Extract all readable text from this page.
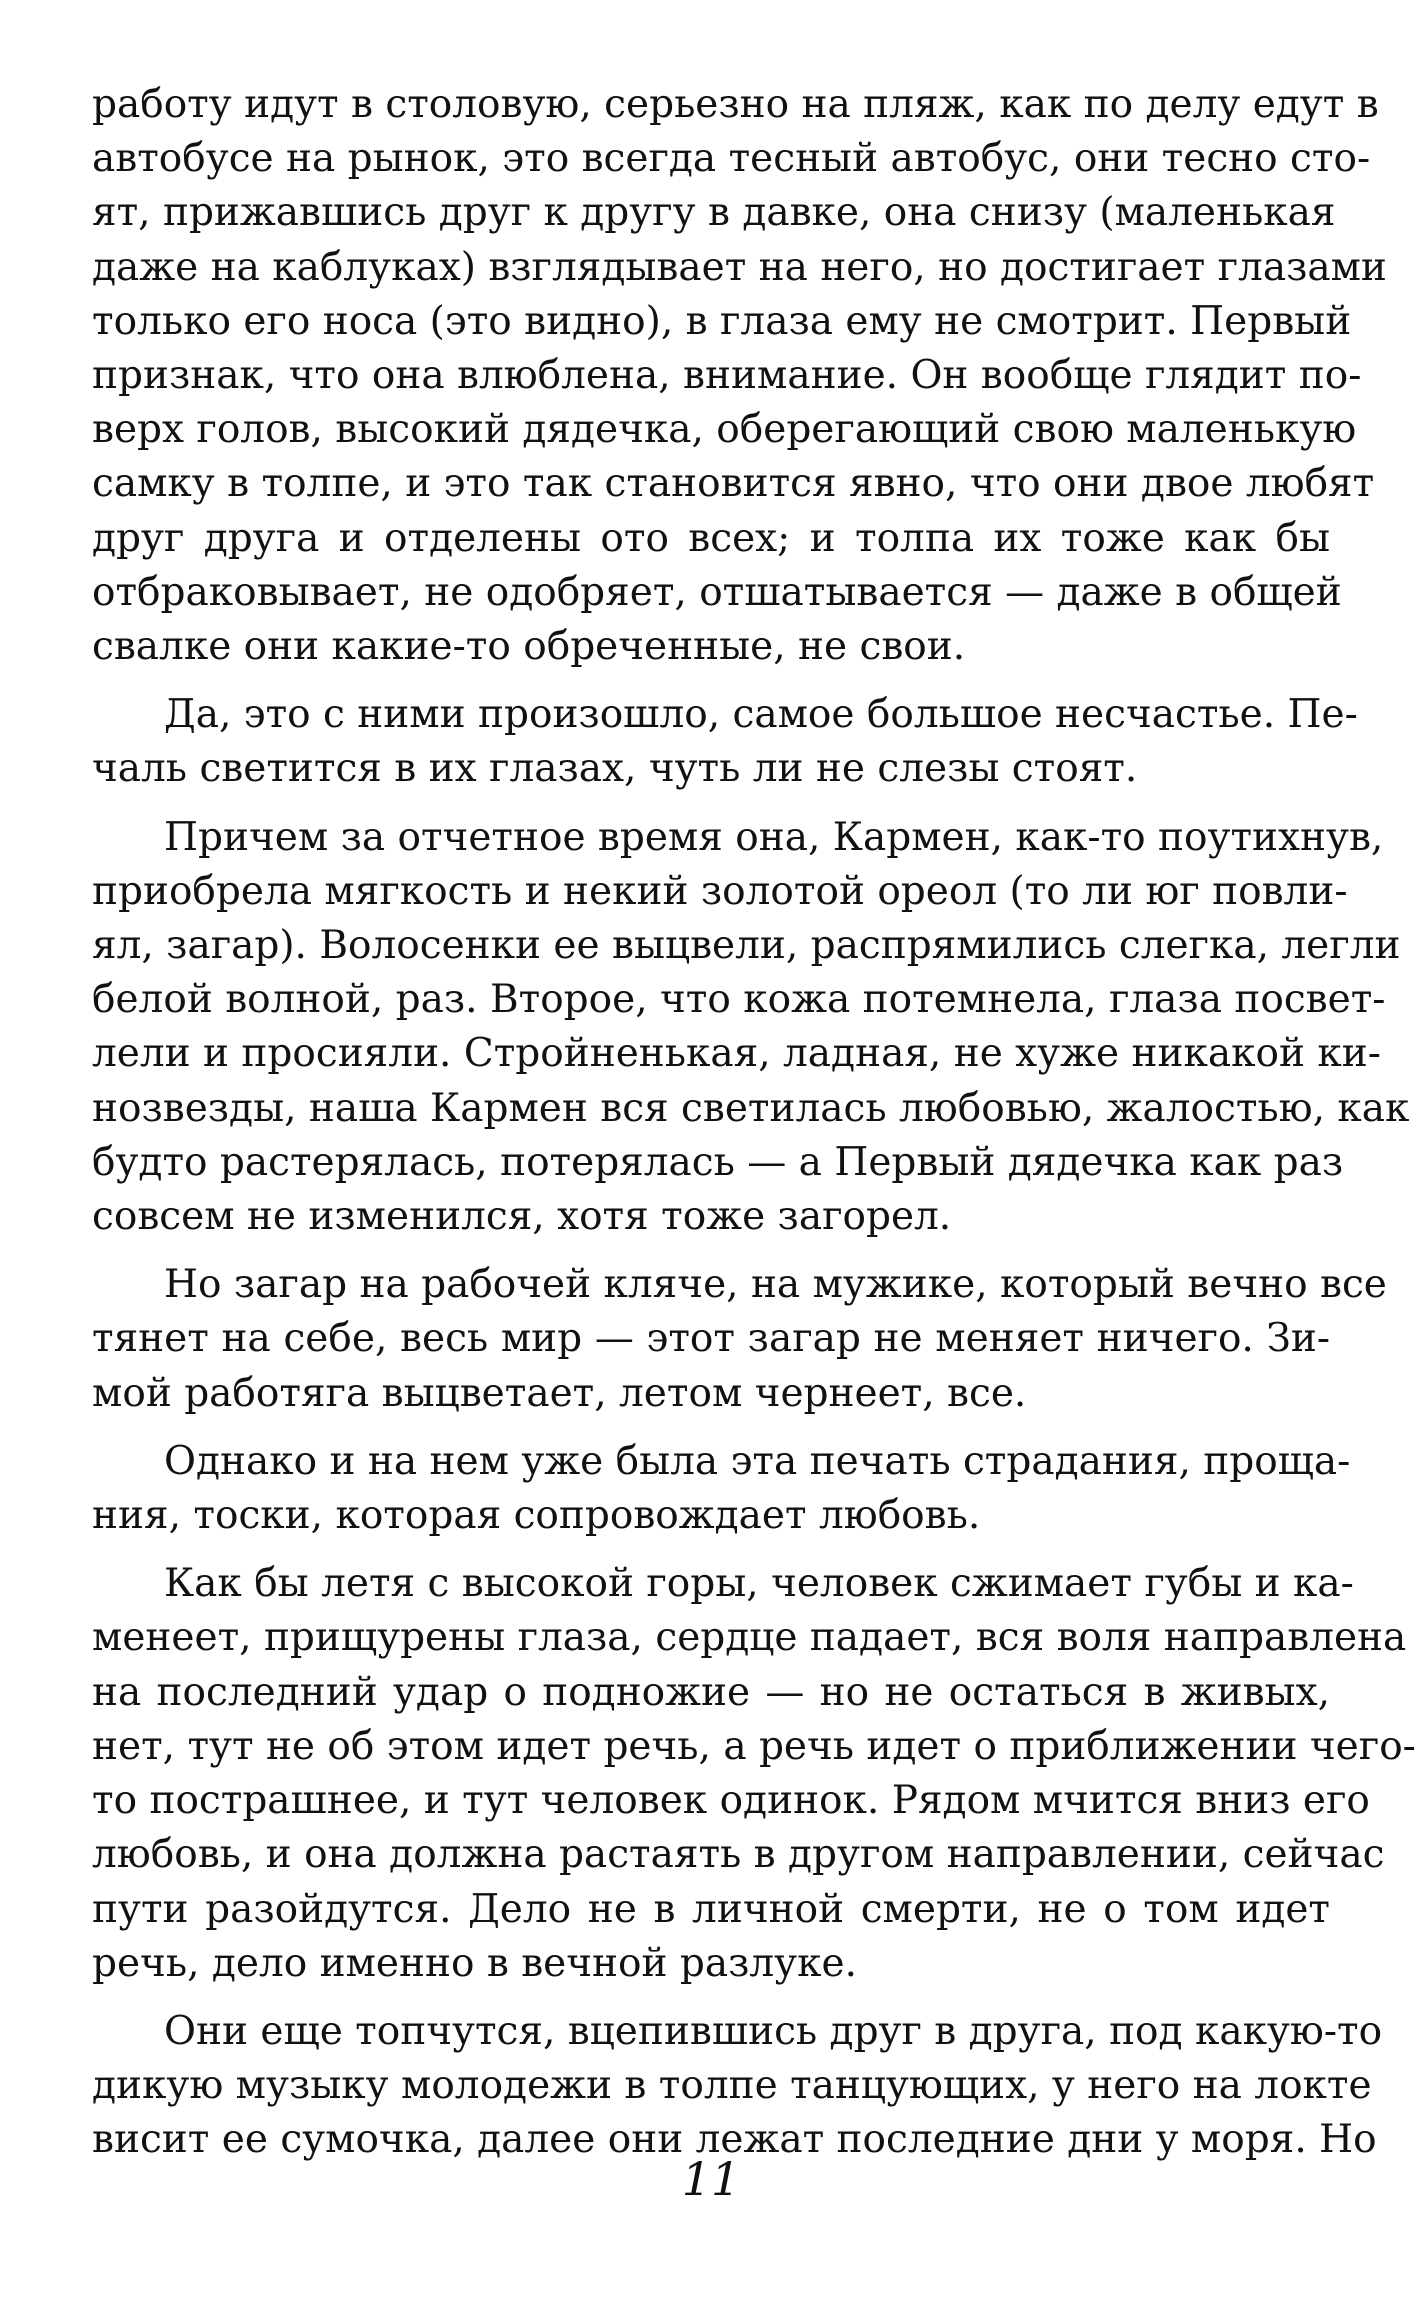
работу идут в столовую, серьезно на пляж, как по делу едут в
автобусе на рынок, это всегда тесный автобус, они тесно сто-
ят, прижавшись друг к другу в давке, она снизу (маленькая
даже на каблуках) взглядывает на него, но достигает глазами
только его носа (это видно), в глаза ему не смотрит. Первый
признак, что она влюблена, внимание. Он вообще глядит по-
верх голов, высокий дядечка, оберегающий свою маленькую
самку в толпе, и это так становится явно, что они двое любят
друг друга и отделены ото всех; и толпа их тоже как бы
отбраковывает, не одобряет, отшатывается — даже в общей
свалке они какие-то обреченные, не свои.
Да, это с ними произошло, самое большое несчастье. Пе-
чаль светится в их глазах, чуть ли не слезы стоят.
Причем за отчетное время она, Кармен, как-то поутихнув,
приобрела мягкость и некий золотой ореол (то ли юг повли-
ял, загар). Волосенки ее выцвели, распрямились слегка, легли
белой волной, раз. Второе, что кожа потемнела, глаза посвет-
лели и просияли. Стройненькая, ладная, не хуже никакой ки-
нозвезды, наша Кармен вся светилась любовью, жалостью, как
будто растерялась, потерялась — а Первый дядечка как раз
совсем не изменился, хотя тоже загорел.
Но загар на рабочей кляче, на мужике, который вечно все
тянет на себе, весь мир — этот загар не меняет ничего. Зи-
мой работяга выцветает, летом чернеет, все.
Однако и на нем уже была эта печать страдания, проща-
ния, тоски, которая сопровождает любовь.
Как бы летя с высокой горы, человек сжимает губы и ка-
менеет, прищурены глаза, сердце падает, вся воля направлена
на последний удар о подножие — но не остаться в живых,
нет, тут не об этом идет речь, а речь идет о приближении чего-
то пострашнее, и тут человек одинок. Рядом мчится вниз его
любовь, и она должна растаять в другом направлении, сейчас
пути разойдутся. Дело не в личной смерти, не о том идет
речь, дело именно в вечной разлуке.
Они еще топчутся, вцепившись друг в друга, под какую-то
дикую музыку молодежи в толпе танцующих, у него на локте
висит ее сумочка, далее они лежат последние дни у моря. Но
11
